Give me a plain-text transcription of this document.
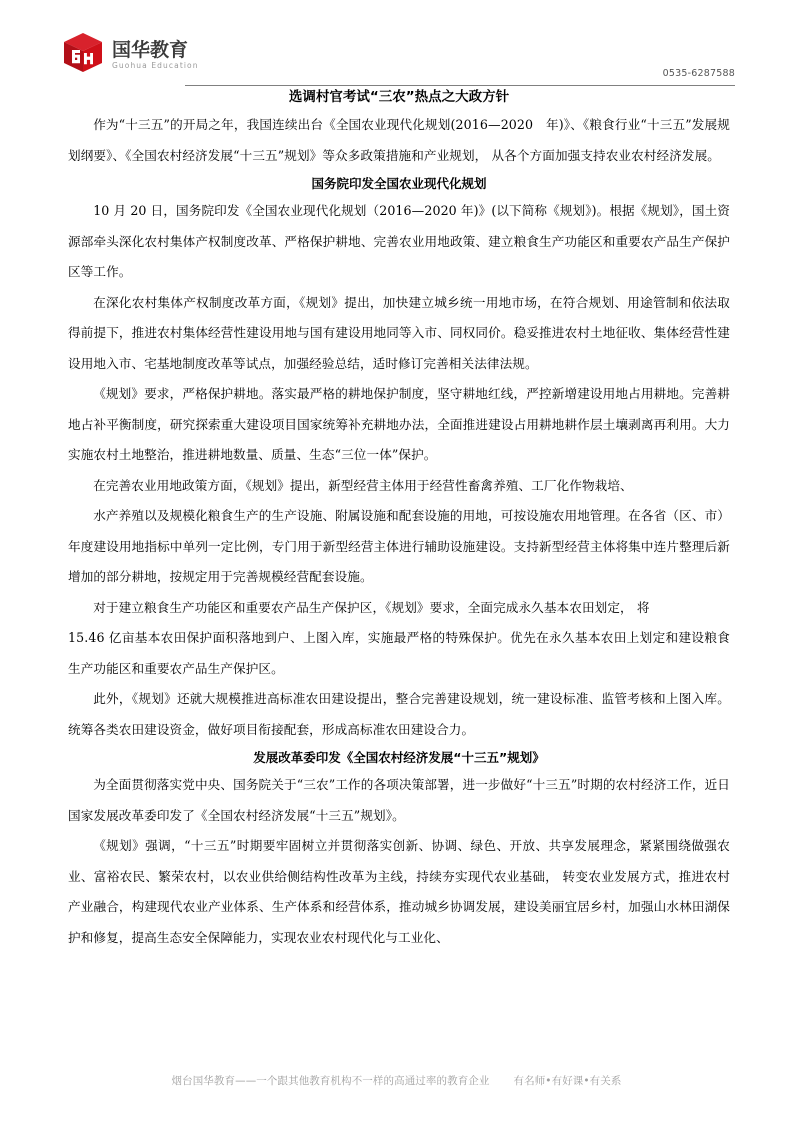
国华教育
Guohua Education
0535-6287588
选调村官考试“三农”热点之大政方针

作为“十三五”的开局之年，我国连续出台《全国农业现代化规划(2016—2020　年)》、《粮食行业“十三五”发展规划纲要》、《全国农村经济发展“十三五”规划》等众多政策措施和产业规划， 从各个方面加强支持农业农村经济发展。

国务院印发全国农业现代化规划

10 月 20 日，国务院印发《全国农业现代化规划（2016—2020 年)》(以下简称《规划》)。根据《规划》，国土资源部牵头深化农村集体产权制度改革、严格保护耕地、完善农业用地政策、建立粮食生产功能区和重要农产品生产保护区等工作。

在深化农村集体产权制度改革方面，《规划》提出，加快建立城乡统一用地市场，在符合规划、用途管制和依法取得前提下，推进农村集体经营性建设用地与国有建设用地同等入市、同权同价。稳妥推进农村土地征收、集体经营性建设用地入市、宅基地制度改革等试点，加强经验总结，适时修订完善相关法律法规。

《规划》要求，严格保护耕地。落实最严格的耕地保护制度，坚守耕地红线，严控新增建设用地占用耕地。完善耕地占补平衡制度，研究探索重大建设项目国家统筹补充耕地办法，全面推进建设占用耕地耕作层土壤剥离再利用。大力实施农村土地整治，推进耕地数量、质量、生态“三位一体”保护。

在完善农业用地政策方面，《规划》提出，新型经营主体用于经营性畜禽养殖、工厂化作物栽培、

水产养殖以及规模化粮食生产的生产设施、附属设施和配套设施的用地，可按设施农用地管理。在各省（区、市）年度建设用地指标中单列一定比例，专门用于新型经营主体进行辅助设施建设。支持新型经营主体将集中连片整理后新增加的部分耕地，按规定用于完善规模经营配套设施。

对于建立粮食生产功能区和重要农产品生产保护区，《规划》要求，全面完成永久基本农田划定， 将

15.46 亿亩基本农田保护面积落地到户、上图入库，实施最严格的特殊保护。优先在永久基本农田上划定和建设粮食生产功能区和重要农产品生产保护区。

此外，《规划》还就大规模推进高标准农田建设提出，整合完善建设规划，统一建设标准、监管考核和上图入库。统筹各类农田建设资金，做好项目衔接配套，形成高标准农田建设合力。

发展改革委印发《全国农村经济发展“十三五”规划》

为全面贯彻落实党中央、国务院关于“三农”工作的各项决策部署，进一步做好“十三五”时期的农村经济工作，近日国家发展改革委印发了《全国农村经济发展“十三五”规划》。

《规划》强调，“十三五”时期要牢固树立并贯彻落实创新、协调、绿色、开放、共享发展理念，紧紧围绕做强农业、富裕农民、繁荣农村，以农业供给侧结构性改革为主线，持续夯实现代农业基础， 转变农业发展方式，推进农村产业融合，构建现代农业产业体系、生产体系和经营体系，推动城乡协调发展，建设美丽宜居乡村，加强山水林田湖保护和修复，提高生态安全保障能力，实现农业农村现代化与工业化、

烟台国华教育——一个跟其他教育机构不一样的高通过率的教育企业 有名师•有好课•有关系
